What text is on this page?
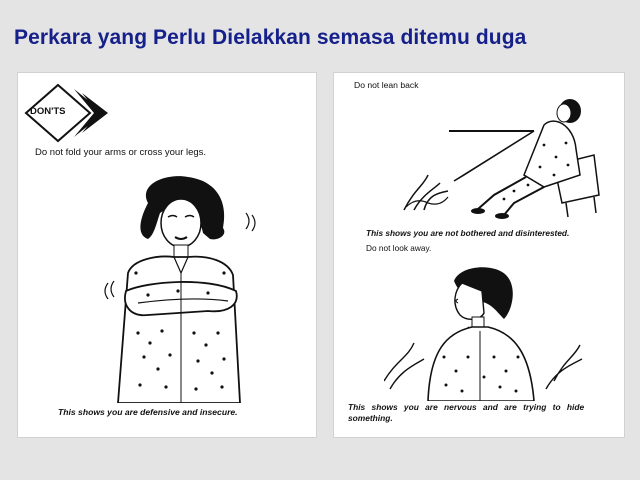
Perkara yang Perlu Dielakkan semasa ditemu duga
DON'TS
Do not fold your arms or cross your legs.
This shows you are defensive and insecure.
Do not lean back
This shows you are not bothered and disinterested.
Do not look away.
This shows you are nervous and are trying to hide
something.
